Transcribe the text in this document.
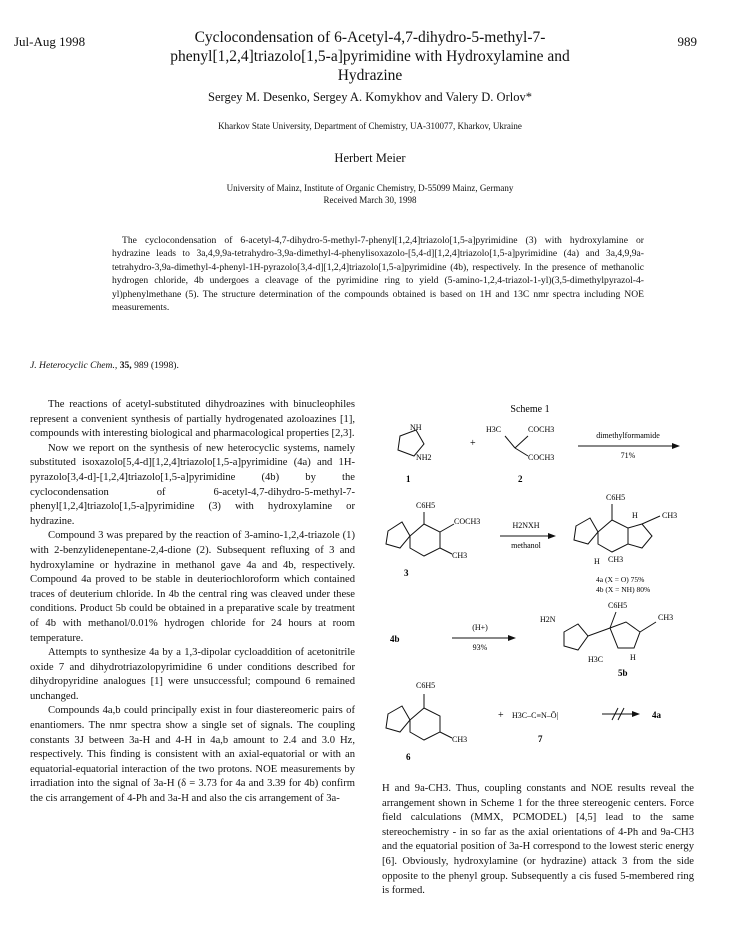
Jul-Aug 1998	989
Cyclocondensation of 6-Acetyl-4,7-dihydro-5-methyl-7-
phenyl[1,2,4]triazolo[1,5-a]pyrimidine with Hydroxylamine and
Hydrazine
Sergey M. Desenko, Sergey A. Komykhov and Valery D. Orlov*
Kharkov State University, Department of Chemistry, UA-310077, Kharkov, Ukraine
Herbert Meier
University of Mainz, Institute of Organic Chemistry, D-55099 Mainz, Germany
Received March 30, 1998
The cyclocondensation of 6-acetyl-4,7-dihydro-5-methyl-7-phenyl[1,2,4]triazolo[1,5-a]pyrimidine (3) with hydroxylamine or hydrazine leads to 3a,4,9,9a-tetrahydro-3,9a-dimethyl-4-phenylisoxazolo-[5,4-d][1,2,4]triazolo[1,5-a]pyrimidine (4a) and 3a,4,9,9a-tetrahydro-3,9a-dimethyl-4-phenyl-1H-pyrazolo[3,4-d][1,2,4]triazolo[1,5-a]pyrimidine (4b), respectively. In the presence of methanolic hydrogen chloride, 4b undergoes a cleavage of the pyrimidine ring to yield (5-amino-1,2,4-triazol-1-yl)(3,5-dimethylpyrazol-4-yl)phenylmethane (5). The structure determination of the compounds obtained is based on 1H and 13C nmr spectra including NOE measurements.
J. Heterocyclic Chem., 35, 989 (1998).

The reactions of acetyl-substituted dihydroazines with binucleophiles represent a convenient synthesis of partially hydrogenated azoloazines [1], compounds with interesting biological and pharmacological properties [2,3].

Now we report on the synthesis of new heterocyclic systems, namely substituted isoxazolo[5,4-d][1,2,4]triazolo[1,5-a]pyrimidine (4a) and 1H-pyrazolo[3,4-d]-[1,2,4]triazolo[1,5-a]pyrimidine (4b) by the cyclocondensation of 6-acetyl-4,7-dihydro-5-methyl-7-phenyl[1,2,4]triazolo[1,5-a]pyrimidine (3) with hydroxylamine or hydrazine.

Compound 3 was prepared by the reaction of 3-amino-1,2,4-triazole (1) with 2-benzylidenepentane-2,4-dione (2). Subsequent refluxing of 3 and hydroxylamine or hydrazine in methanol gave 4a and 4b, respectively. Compound 4a proved to be stable in deuteriochloroform which contained traces of deuterium chloride. In 4b the central ring was cleaved under these conditions. Product 5b could be obtained in a preparative scale by treatment of 4b with methanol/0.01% hydrogen chloride for 24 hours at room temperature.

Attempts to synthesize 4a by a 1,3-dipolar cycloaddition of acetonitrile oxide 7 and dihydrotriazolopyrimidine 6 under conditions described for dihydropyridine analogues [1] were unsuccessful; compound 6 remained unchanged.

Compounds 4a,b could principally exist in four diastereomeric pairs of enantiomers. The nmr spectra show a single set of signals. The coupling constants 3J between 3a-H and 4-H in 4a,b amount to 2.4 and 3.0 Hz, respectively. This finding is consistent with an axial-equatorial or with an equatorial-equatorial interaction of the two protons. NOE measurements by irradiation into the signal of 3a-H (δ = 3.73 for 4a and 3.39 for 4b) confirm the cis arrangement of 4-Ph and 3a-H and also the cis arrangement of 3a-

H and 9a-CH3. Thus, coupling constants and NOE results reveal the arrangement shown in Scheme 1 for the three stereogenic centers. Force field calculations (MMX, PCMODEL) [4,5] lead to the same stereochemistry - in so far as the axial orientations of 4-Ph and 9a-CH3 and the equatorial position of 3a-H correspond to the lowest steric energy [6]. Obviously, hydroxylamine (or hydrazine) attack 3 from the side opposite to the phenyl group. Subsequently a cis fused 5-membered ring is formed.

Scheme 1
NH
NH2
1
+
H3C	COCH3
COCH3
2
dimethylformamide
71%
C6H5
COCH3
CH3
3
H2NXH
methanol
C6H5
CH3
H
CH3
H
4a (X = O) 75%
4b (X = NH) 80%
4b
(H+)
93%
H2N
C6H5
CH3
H3C	H
5b
C6H5
CH3
6
+ H3C–C≡N–Ō|
7
4a
